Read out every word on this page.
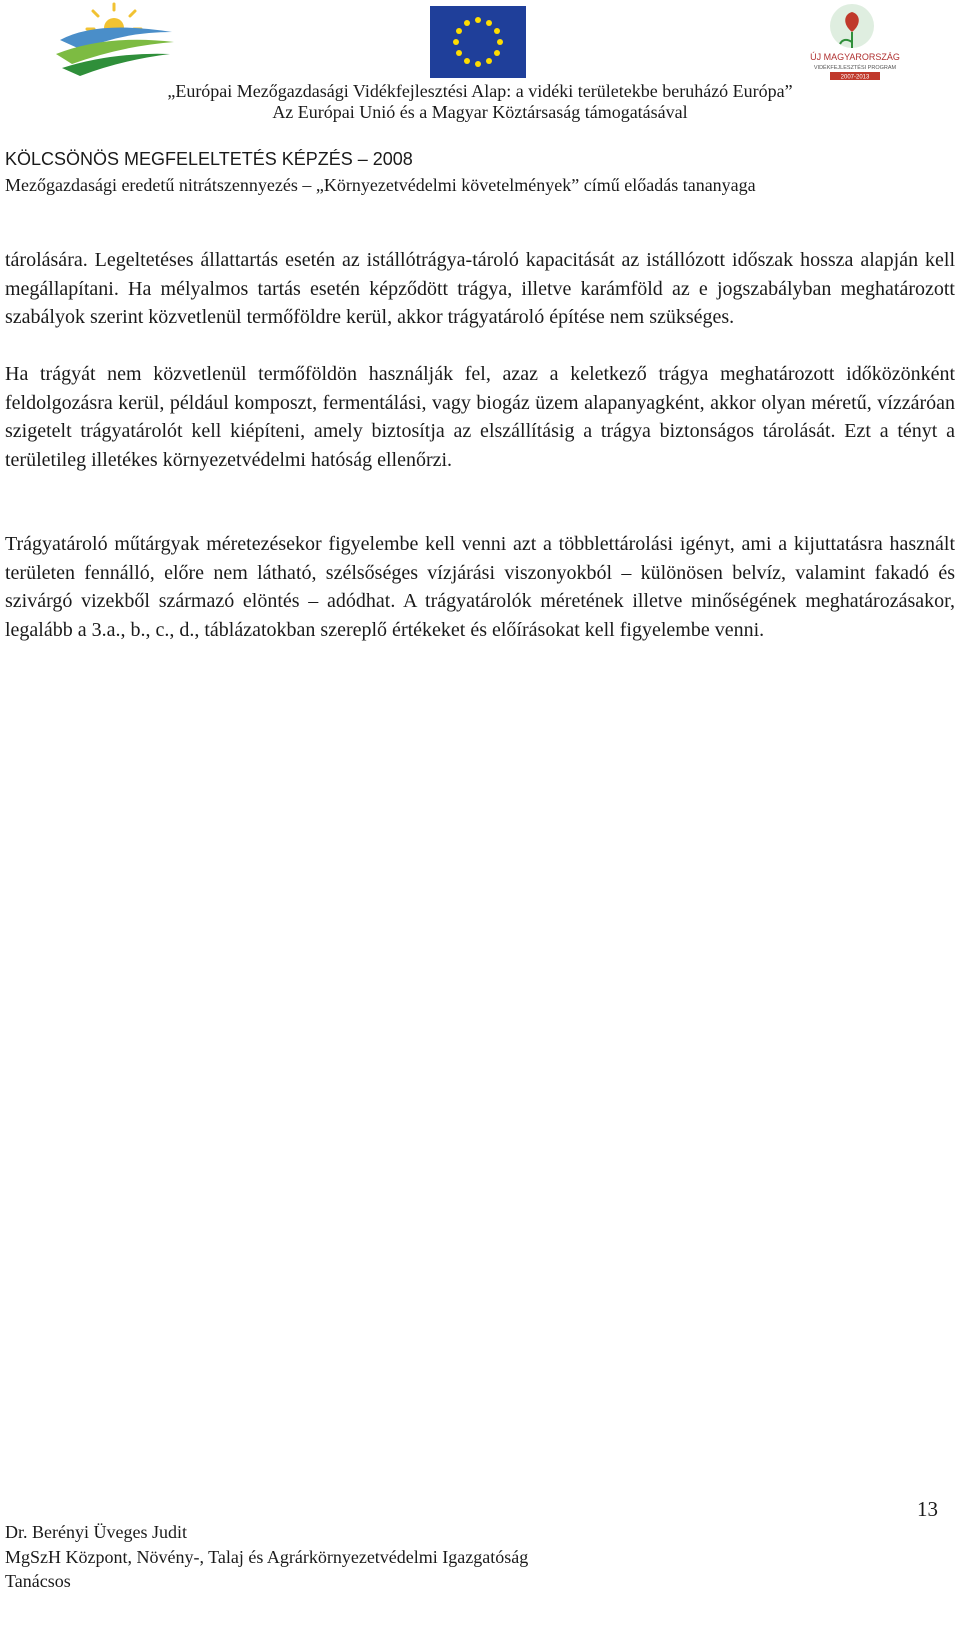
ÚJ MAGYARORSZÁG
VIDÉKFEJLESZTÉSI PROGRAM
2007-2013
„Európai Mezőgazdasági Vidékfejlesztési Alap: a vidéki területekbe beruházó Európa”
Az Európai Unió és a Magyar Köztársaság támogatásával
KÖLCSÖNÖS MEGFELELTETÉS KÉPZÉS – 2008
Mezőgazdasági eredetű nitrátszennyezés – „Környezetvédelmi követelmények” című előadás tananyaga

tárolására. Legeltetéses állattartás esetén az istállótrágya-tároló kapacitását az istállózott időszak hossza alapján kell megállapítani. Ha mélyalmos tartás esetén képződött trágya, illetve karámföld az e jogszabályban meghatározott szabályok szerint közvetlenül termőföldre kerül, akkor trágyatároló építése nem szükséges.

Ha trágyát nem közvetlenül termőföldön használják fel, azaz a keletkező trágya meghatározott időközönként feldolgozásra kerül, például komposzt, fermentálási, vagy biogáz üzem alapanyagként, akkor olyan méretű, vízzáróan szigetelt trágyatárolót kell kiépíteni, amely biztosítja az elszállításig a trágya biztonságos tárolását. Ezt a tényt a területileg illetékes környezetvédelmi hatóság ellenőrzi.

Trágyatároló műtárgyak méretezésekor figyelembe kell venni azt a többlettárolási igényt, ami a kijuttatásra használt területen fennálló, előre nem látható, szélsőséges vízjárási viszonyokból – különösen belvíz, valamint fakadó és szivárgó vizekből származó elöntés – adódhat. A trágyatárolók méretének illetve minőségének meghatározásakor, legalább a 3.a., b., c., d., táblázatokban szereplő értékeket és előírásokat kell figyelembe venni.

13
Dr. Berényi Üveges Judit
MgSzH Központ, Növény-, Talaj és Agrárkörnyezetvédelmi Igazgatóság
Tanácsos
